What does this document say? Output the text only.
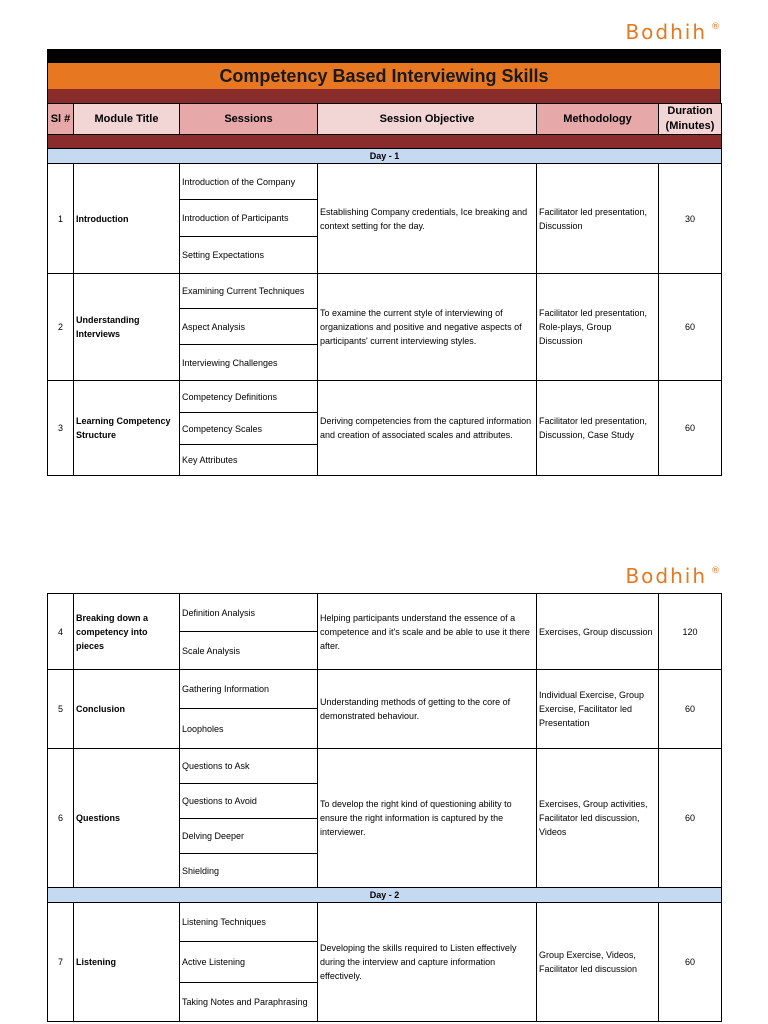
Bodhih ®
Competency Based Interviewing Skills
Sl #	Module Title	Sessions	Session Objective	Methodology	Duration
(Minutes)

Day - 1					
1	Introduction	Introduction of the Company	Establishing Company credentials, Ice breaking and context setting for the day.	Facilitator led presentation, Discussion	30
		Introduction of Participants			
		Setting Expectations			
2	Understanding Interviews	Examining Current Techniques	To examine the current style of interviewing of organizations and positive and negative aspects of participants' current interviewing styles.	Facilitator led presentation, Role-plays, Group Discussion	60
		Aspect Analysis			
		Interviewing Challenges			
3	Learning Competency Structure	Competency Definitions	Deriving competencies from the captured information and creation of associated scales and attributes.	Facilitator led presentation, Discussion, Case Study	60
		Competency Scales			
		Key Attributes			
Bodhih ®
4	Breaking down a competency into pieces	Definition Analysis	Helping participants understand the essence of a competence and it's scale and be able to use it there after.	Exercises, Group discussion	120
		Scale Analysis			
5	Conclusion	Gathering Information	Understanding methods of getting to the core of demonstrated behaviour.	Individual Exercise, Group Exercise, Facilitator led Presentation	60
		Loopholes			
6	Questions	Questions to Ask	To develop the right kind of questioning ability to ensure the right information is captured by the interviewer.	Exercises, Group activities, Facilitator led discussion, Videos	60
		Questions to Avoid			
		Delving Deeper			
		Shielding			
Day - 2					
7	Listening	Listening Techniques	Developing the skills required to Listen effectively during the interview and capture information effectively.	Group Exercise, Videos, Facilitator led discussion	60
		Active Listening			
		Taking Notes and Paraphrasing			
